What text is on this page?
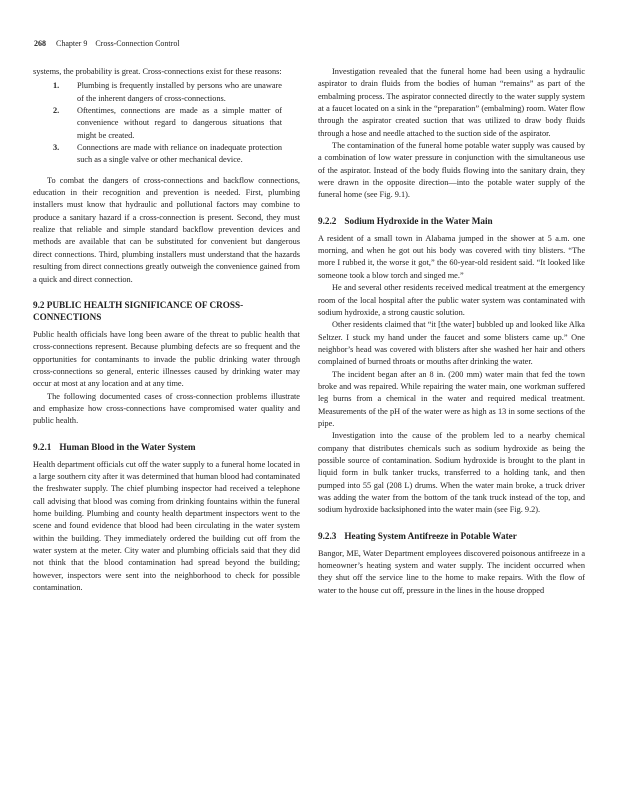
268 Chapter 9    Cross-Connection Control

systems, the probability is great. Cross-connections exist for these reasons:

1. Plumbing is frequently installed by persons who are unaware of the inherent dangers of cross-connections.
2. Oftentimes, connections are made as a simple matter of convenience without regard to dangerous situations that might be created.
3. Connections are made with reliance on inadequate protection such as a single valve or other mechanical device.

To combat the dangers of cross-connections and backflow connections, education in their recognition and prevention is needed. First, plumbing installers must know that hydraulic and pollutional factors may combine to produce a sanitary hazard if a cross-connection is present. Second, they must realize that reliable and simple standard backflow prevention devices and methods are available that can be substituted for convenient but dangerous direct connections. Third, plumbing installers must understand that the hazards resulting from direct connections greatly outweigh the convenience gained from a quick and direct connection.

9.2 PUBLIC HEALTH SIGNIFICANCE OF CROSS-CONNECTIONS

Public health officials have long been aware of the threat to public health that cross-connections represent. Because plumbing defects are so frequent and the opportunities for contaminants to invade the public drinking water through cross-connections so general, enteric illnesses caused by drinking water may occur at most at any location and at any time.

The following documented cases of cross-connection problems illustrate and emphasize how cross-connections have compromised water quality and public health.

9.2.1 Human Blood in the Water System

Health department officials cut off the water supply to a funeral home located in a large southern city after it was determined that human blood had contaminated the freshwater supply. The chief plumbing inspector had received a telephone call advising that blood was coming from drinking fountains within the funeral home building. Plumbing and county health department inspectors went to the scene and found evidence that blood had been circulating in the water system within the building. They immediately ordered the building cut off from the water system at the meter. City water and plumbing officials said that they did not think that the blood contamination had spread beyond the building; however, inspectors were sent into the neighborhood to check for possible contamination.

Investigation revealed that the funeral home had been using a hydraulic aspirator to drain fluids from the bodies of human “remains” as part of the embalming process. The aspirator connected directly to the water supply system at a faucet located on a sink in the “preparation” (embalming) room. Water flow through the aspirator created suction that was utilized to draw body fluids through a hose and needle attached to the suction side of the aspirator.

The contamination of the funeral home potable water supply was caused by a combination of low water pressure in conjunction with the simultaneous use of the aspirator. Instead of the body fluids flowing into the sanitary drain, they were drawn in the opposite direction—into the potable water supply of the funeral home (see Fig. 9.1).

9.2.2 Sodium Hydroxide in the Water Main

A resident of a small town in Alabama jumped in the shower at 5 a.m. one morning, and when he got out his body was covered with tiny blisters. “The more I rubbed it, the worse it got,” the 60-year-old resident said. “It looked like someone took a blow torch and singed me.”

He and several other residents received medical treatment at the emergency room of the local hospital after the public water system was contaminated with sodium hydroxide, a strong caustic solution.

Other residents claimed that “it [the water] bubbled up and looked like Alka Seltzer. I stuck my hand under the faucet and some blisters came up.” One neighbor’s head was covered with blisters after she washed her hair and others complained of burned throats or mouths after drinking the water.

The incident began after an 8 in. (200 mm) water main that fed the town broke and was repaired. While repairing the water main, one workman suffered leg burns from a chemical in the water and required medical treatment. Measurements of the pH of the water were as high as 13 in some sections of the pipe.

Investigation into the cause of the problem led to a nearby chemical company that distributes chemicals such as sodium hydroxide as being the possible source of contamination. Sodium hydroxide is brought to the plant in liquid form in bulk tanker trucks, transferred to a holding tank, and then pumped into 55 gal (208 L) drums. When the water main broke, a truck driver was adding the water from the bottom of the tank truck instead of the top, and sodium hydroxide backsiphoned into the water main (see Fig. 9.2).

9.2.3 Heating System Antifreeze in Potable Water

Bangor, ME, Water Department employees discovered poisonous antifreeze in a homeowner’s heating system and water supply. The incident occurred when they shut off the service line to the home to make repairs. With the flow of water to the house cut off, pressure in the lines in the house dropped
